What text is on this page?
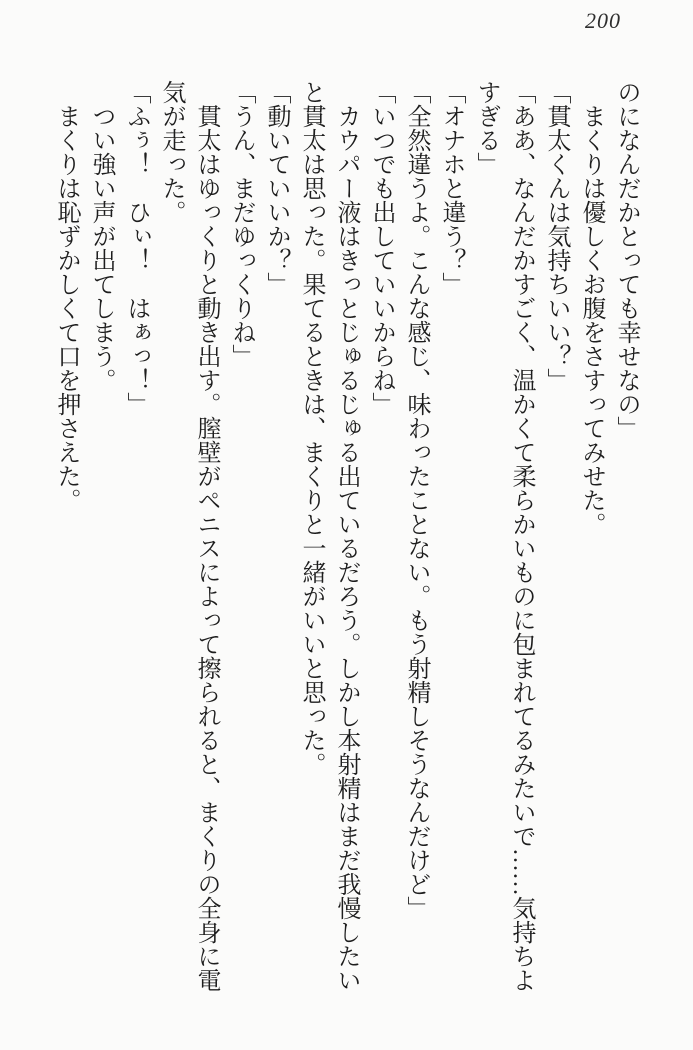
200

のになんだかとっても幸せなの」

まくりは優しくお腹をさすってみせた。

「貫太くんは気持ちいい？」

「ああ、なんだかすごく、温かくて柔らかいものに包まれてるみたいで……気持ちよすぎる」

「オナホと違う？」

「全然違うよ。こんな感じ、味わったことない。もう射精しそうなんだけど」

「いつでも出していいからね」

カウパー液はきっとじゅるじゅる出ているだろう。しかし本射精はまだ我慢したいと貫太は思った。果てるときは、まくりと一緒がいいと思った。

「動いていいか？」

「うん、まだゆっくりね」

貫太はゆっくりと動き出す。膣壁がペニスによって擦られると、まくりの全身に電気が走った。

「ふぅ！　ひぃ！　はぁっ！」

つい強い声が出てしまう。

まくりは恥ずかしくて口を押さえた。
